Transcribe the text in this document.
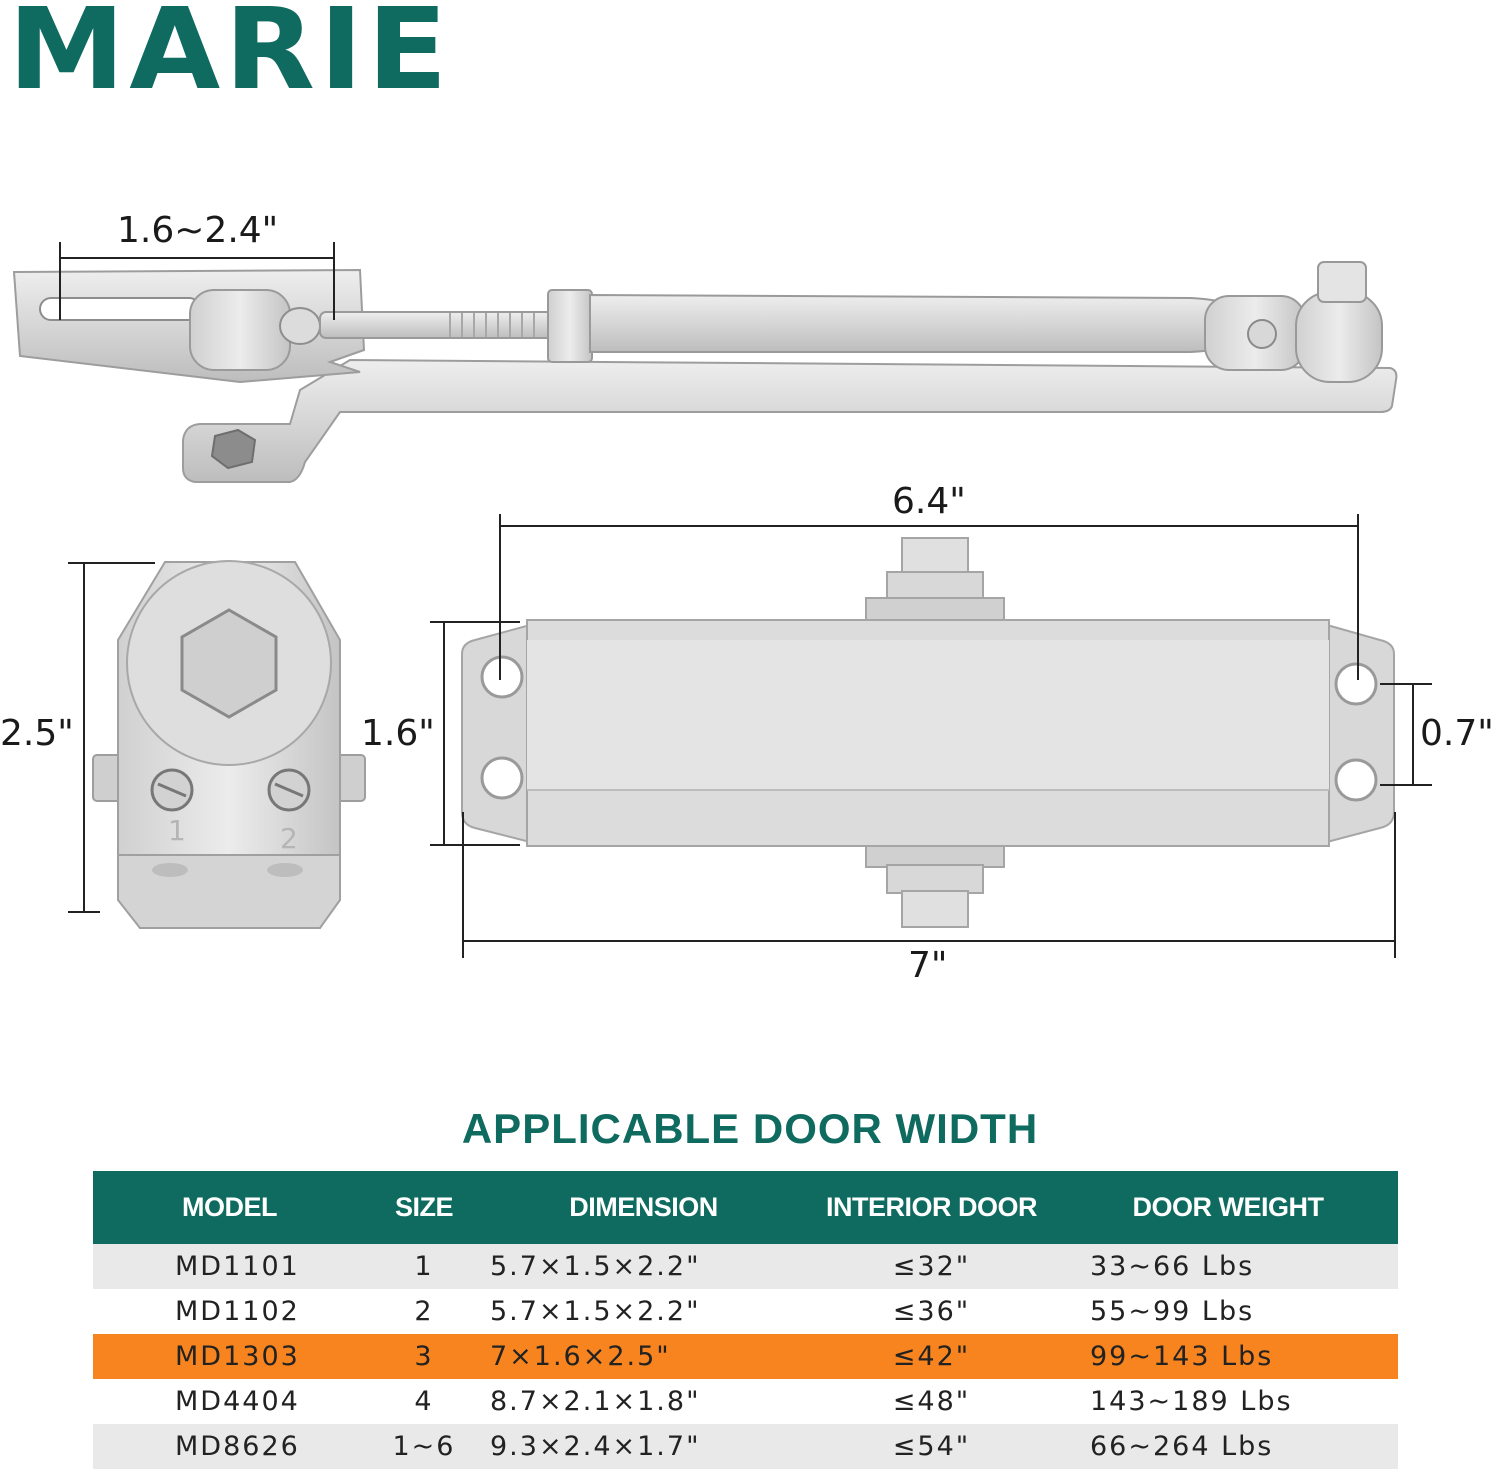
MARIE
1	2
1.6~2.4"
6.4"
7"
1.6"	0.7"
2.5"
APPLICABLE DOOR WIDTH
MODEL	SIZE	DIMENSION	INTERIOR DOOR	DOOR WEIGHT
MD1101	1	5.7×1.5×2.2"	≤32"	33~66 Lbs
MD1102	2	5.7×1.5×2.2"	≤36"	55~99 Lbs
MD1303	3	7×1.6×2.5"	≤42"	99~143 Lbs
MD4404	4	8.7×2.1×1.8"	≤48"	143~189 Lbs
MD8626	1~6	9.3×2.4×1.7"	≤54"	66~264 Lbs
